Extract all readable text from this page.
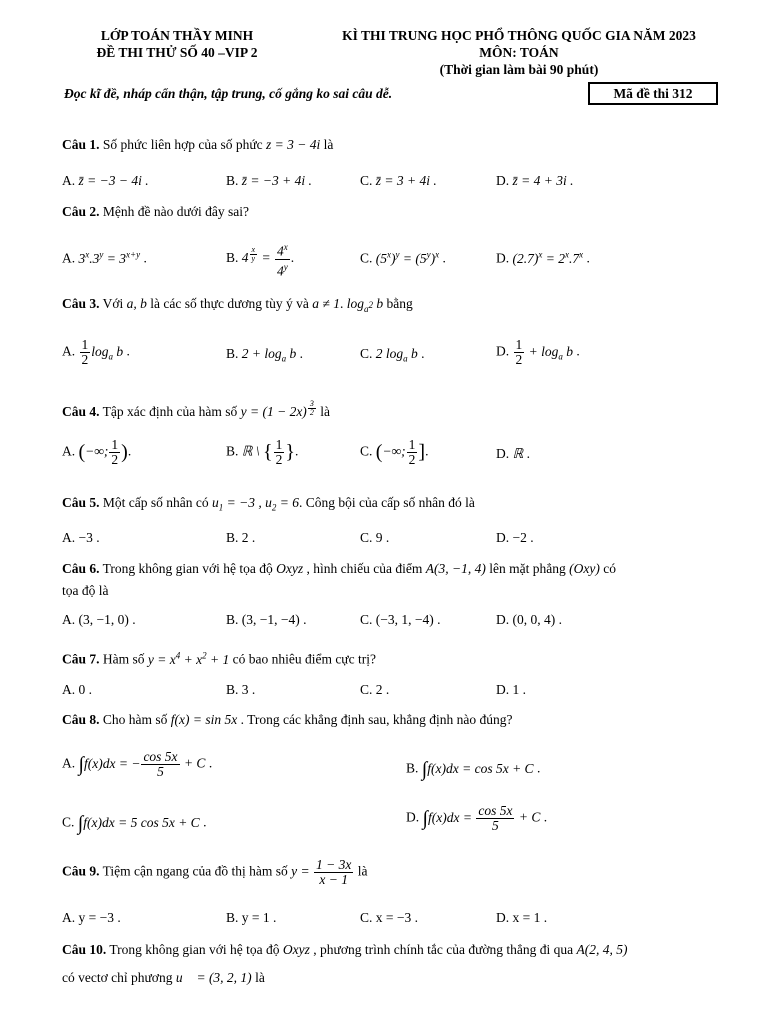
LỚP TOÁN THẦY MINH
ĐỀ THI THỬ SỐ 40 –VIP 2
KÌ THI TRUNG HỌC PHỔ THÔNG QUỐC GIA NĂM 2023
MÔN: TOÁN
(Thời gian làm bài 90 phút)
Đọc kĩ đề, nháp cẩn thận, tập trung, cố gắng ko sai câu dễ.	Mã đề thi 312
Câu 1. Số phức liên hợp của số phức z = 3 − 4i là
A. z̄ = −3 − 4i .	B. z̄ = −3 + 4i .	C. z̄ = 3 + 4i .	D. z̄ = 4 + 3i .
Câu 2. Mệnh đề nào dưới đây sai?
A. $3^x.3^y = 3^{x+y}$ .	B. 4 $^{\frac{x}{y}} = \frac{4^x}{4^y}$ .	C. $(5^x)^y = (5^y)^x$ .	D. $(2.7)^x = 2^x.7^x$ .
Câu 3. Với a, b là các số thực dương tùy ý và a ≠ 1. $\log_{a^2} b$ bằng
A. $\frac{1}{2} \log_a b$ .	B. $2 + \log_a b$ .	C. 2 $\log_a b$ .	D. $\frac{1}{2} + \log_a b$ .
Câu 4. Tập xác định của hàm số y = (1 − 2x) $^{\frac{3}{2}}$ là
A. (−∞; $\frac{1}{2}$ ).	B. ℝ \ { $\frac{1}{2}$ }.	C. (−∞; $\frac{1}{2}$ ].	D. ℝ .
Câu 5. Một cấp số nhân có $u_1 = -3$ , $u_2 = 6$. Công bội của cấp số nhân đó là
A. −3 .	B. 2 .	C. 9 .	D. −2 .
Câu 6. Trong không gian với hệ tọa độ Oxyz , hình chiếu của điểm A(3, −1, 4) lên mặt phẳng (Oxy) có
tọa độ là
A. (3, −1, 0) .	B. (3, −1, −4) .	C. (−3, 1, −4) .	D. (0, 0, 4) .
Câu 7. Hàm số $y = x^4 + x^2 + 1$ có bao nhiêu điểm cực trị?
A. 0 .	B. 3 .	C. 2 .	D. 1 .
Câu 8. Cho hàm số f(x) = sin 5x . Trong các khẳng định sau, khẳng định nào đúng?
A. ∫f(x)dx = − $\frac{\cos 5x}{5} + C$ .	B. ∫f(x)dx = cos 5x + C .
C. ∫f(x)dx = 5 cos 5x + C .	D. $\int f(x)dx = \frac{\cos 5x}{5} + C$ .
Câu 9. Tiệm cận ngang của đồ thị hàm số $y = \frac{1 - 3x}{x - 1}$ là
A. y = −3 .	B. y = 1 .	C. x = −3 .	D. x = 1 .
Câu 10. Trong không gian với hệ tọa độ Oxyz , phương trình chính tắc của đường thẳng đi qua A(2, 4, 5)
có vectơ chỉ phương u⃗ = (3, 2, 1) là
